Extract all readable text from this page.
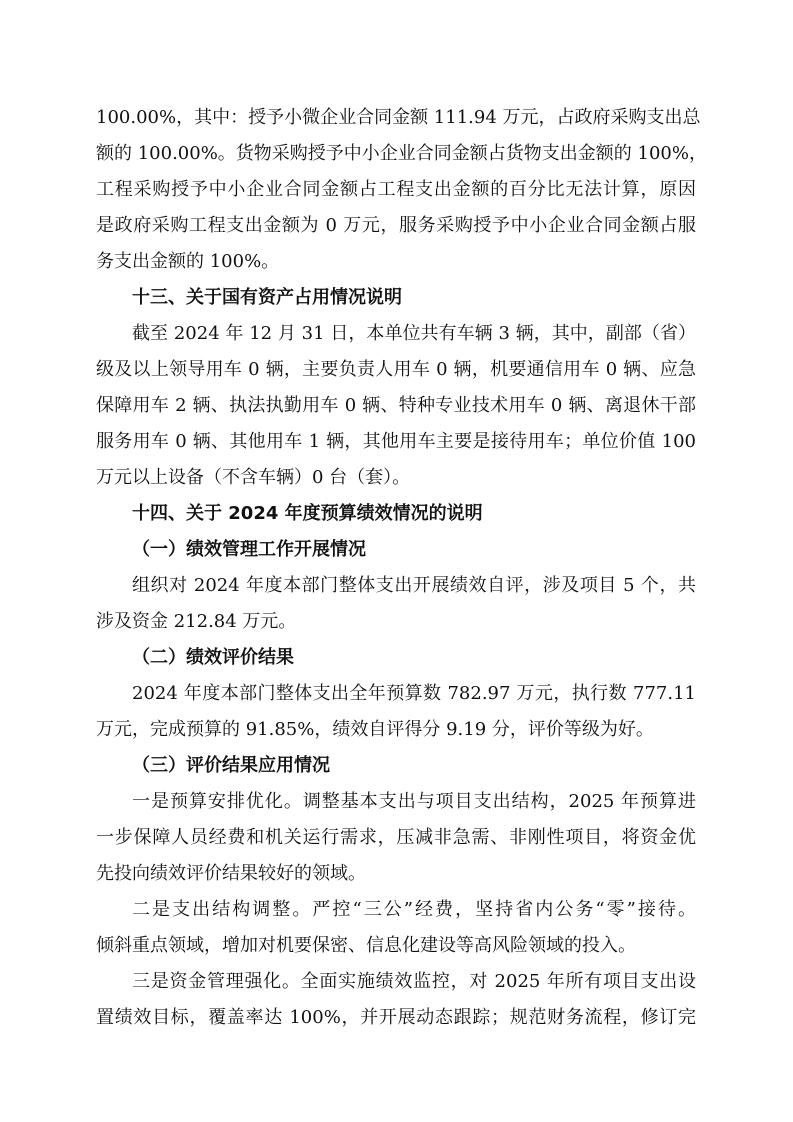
100.00%，其中：授予小微企业合同金额 111.94 万元，占政府采购支出总

额的 100.00%。货物采购授予中小企业合同金额占货物支出金额的 100%，

工程采购授予中小企业合同金额占工程支出金额的百分比无法计算，原因

是政府采购工程支出金额为 0 万元，服务采购授予中小企业合同金额占服

务支出金额的 100%。

十三、关于国有资产占用情况说明

截至 2024 年 12 月 31 日，本单位共有车辆 3 辆，其中，副部（省）

级及以上领导用车 0 辆，主要负责人用车 0 辆，机要通信用车 0 辆、应急

保障用车 2 辆、执法执勤用车 0 辆、特种专业技术用车 0 辆、离退休干部

服务用车 0 辆、其他用车 1 辆，其他用车主要是接待用车；单位价值 100

万元以上设备（不含车辆）0 台（套）。

十四、关于 2024 年度预算绩效情况的说明

（一）绩效管理工作开展情况

组织对 2024 年度本部门整体支出开展绩效自评，涉及项目 5 个，共

涉及资金 212.84 万元。

（二）绩效评价结果

2024 年度本部门整体支出全年预算数 782.97 万元，执行数 777.11

万元，完成预算的 91.85%，绩效自评得分 9.19 分，评价等级为好。

（三）评价结果应用情况

一是预算安排优化。调整基本支出与项目支出结构，2025 年预算进

一步保障人员经费和机关运行需求，压减非急需、非刚性项目，将资金优

先投向绩效评价结果较好的领域。

二是支出结构调整。严控“三公”经费，坚持省内公务“零”接待。

倾斜重点领域，增加对机要保密、信息化建设等高风险领域的投入。

三是资金管理强化。全面实施绩效监控，对 2025 年所有项目支出设

置绩效目标，覆盖率达 100%，并开展动态跟踪；规范财务流程，修订完
